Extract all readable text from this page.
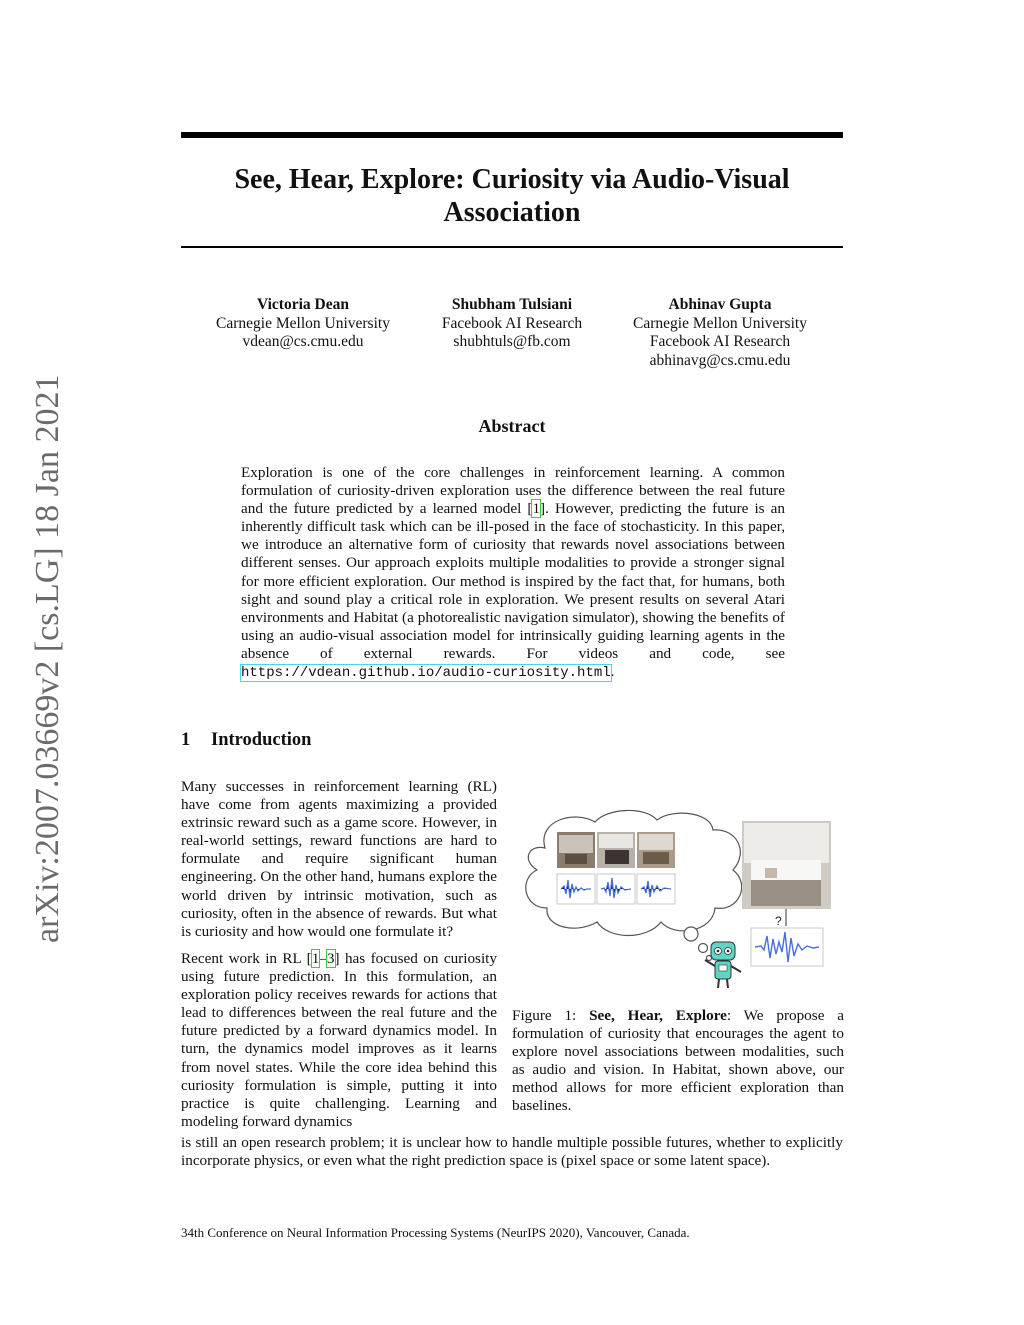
arXiv:2007.03669v2 [cs.LG] 18 Jan 2021
See, Hear, Explore: Curiosity via Audio-Visual
Association
Victoria Dean
Carnegie Mellon University
vdean@cs.cmu.edu
Shubham Tulsiani
Facebook AI Research
shubhtuls@fb.com
Abhinav Gupta
Carnegie Mellon University
Facebook AI Research
abhinavg@cs.cmu.edu
Abstract
Exploration is one of the core challenges in reinforcement learning. A common formulation of curiosity-driven exploration uses the difference between the real future and the future predicted by a learned model [1]. However, predicting the future is an inherently difficult task which can be ill-posed in the face of stochasticity. In this paper, we introduce an alternative form of curiosity that rewards novel associations between different senses. Our approach exploits multiple modalities to provide a stronger signal for more efficient exploration. Our method is inspired by the fact that, for humans, both sight and sound play a critical role in exploration. We present results on several Atari environments and Habitat (a photorealistic navigation simulator), showing the benefits of using an audio-visual association model for intrinsically guiding learning agents in the absence of external rewards. For videos and code, see https://vdean.github.io/audio-curiosity.html.
1 Introduction
Many successes in reinforcement learning (RL) have come from agents maximizing a provided extrinsic reward such as a game score. However, in real-world settings, reward functions are hard to formulate and require significant human engineering. On the other hand, humans explore the world driven by intrinsic motivation, such as curiosity, often in the absence of rewards. But what is curiosity and how would one formulate it?
Recent work in RL [1–3] has focused on curiosity using future prediction. In this formulation, an exploration policy receives rewards for actions that lead to differences between the real future and the future predicted by a forward dynamics model. In turn, the dynamics model improves as it learns from novel states. While the core idea behind this curiosity formulation is simple, putting it into practice is quite challenging. Learning and modeling forward dynamics
is still an open research problem; it is unclear how to handle multiple possible futures, whether to explicitly incorporate physics, or even what the right prediction space is (pixel space or some latent space).
?
Figure 1: See, Hear, Explore: We propose a formulation of curiosity that encourages the agent to explore novel associations between modalities, such as audio and vision. In Habitat, shown above, our method allows for more efficient exploration than baselines.
34th Conference on Neural Information Processing Systems (NeurIPS 2020), Vancouver, Canada.
